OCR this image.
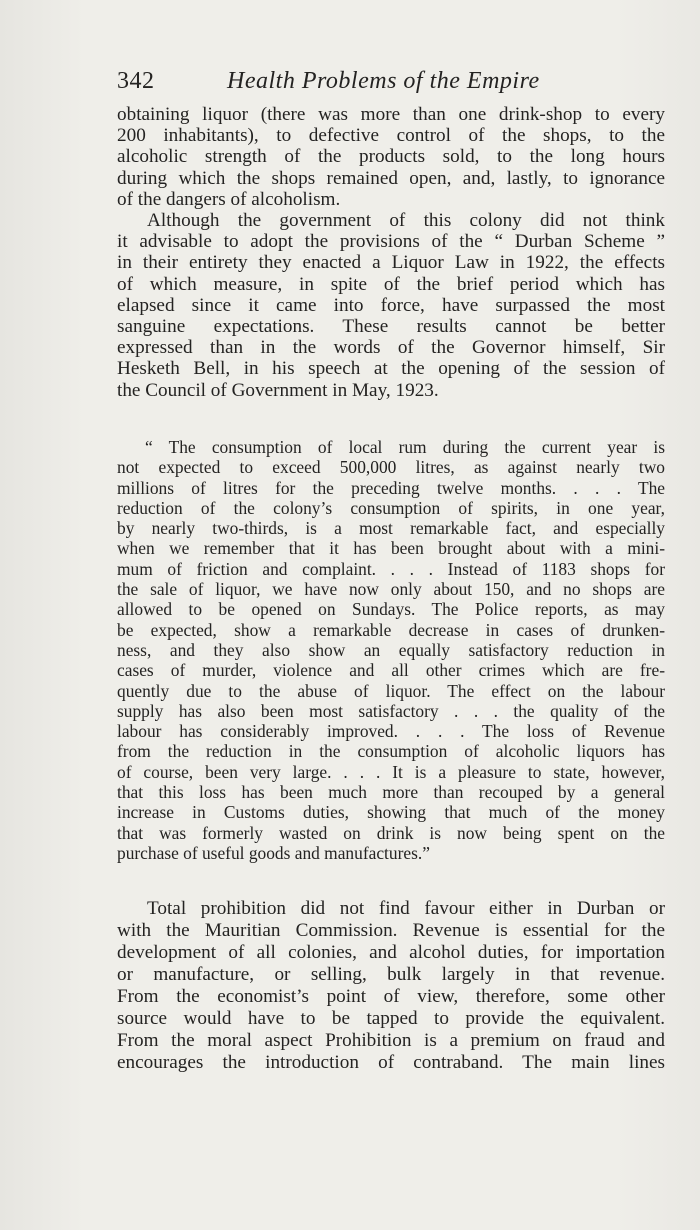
342	Health Problems of the Empire
obtaining liquor (there was more than one drink-shop to every
200 inhabitants), to defective control of the shops, to the
alcoholic strength of the products sold, to the long hours
during which the shops remained open, and, lastly, to ignorance
of the dangers of alcoholism.
Although the government of this colony did not think
it advisable to adopt the provisions of the “ Durban Scheme ”
in their entirety they enacted a Liquor Law in 1922, the effects
of which measure, in spite of the brief period which has
elapsed since it came into force, have surpassed the most
sanguine expectations. These results cannot be better
expressed than in the words of the Governor himself, Sir
Hesketh Bell, in his speech at the opening of the session of
the Council of Government in May, 1923.
“ The consumption of local rum during the current year is
not expected to exceed 500,000 litres, as against nearly two
millions of litres for the preceding twelve months. . . . The
reduction of the colony’s consumption of spirits, in one year,
by nearly two-thirds, is a most remarkable fact, and especially
when we remember that it has been brought about with a mini-
mum of friction and complaint. . . . Instead of 1183 shops for
the sale of liquor, we have now only about 150, and no shops are
allowed to be opened on Sundays. The Police reports, as may
be expected, show a remarkable decrease in cases of drunken-
ness, and they also show an equally satisfactory reduction in
cases of murder, violence and all other crimes which are fre-
quently due to the abuse of liquor. The effect on the labour
supply has also been most satisfactory . . . the quality of the
labour has considerably improved. . . . The loss of Revenue
from the reduction in the consumption of alcoholic liquors has
of course, been very large. . . . It is a pleasure to state, however,
that this loss has been much more than recouped by a general
increase in Customs duties, showing that much of the money
that was formerly wasted on drink is now being spent on the
purchase of useful goods and manufactures.”
Total prohibition did not find favour either in Durban or
with the Mauritian Commission. Revenue is essential for the
development of all colonies, and alcohol duties, for importation
or manufacture, or selling, bulk largely in that revenue.
From the economist’s point of view, therefore, some other
source would have to be tapped to provide the equivalent.
From the moral aspect Prohibition is a premium on fraud and
encourages the introduction of contraband. The main lines
